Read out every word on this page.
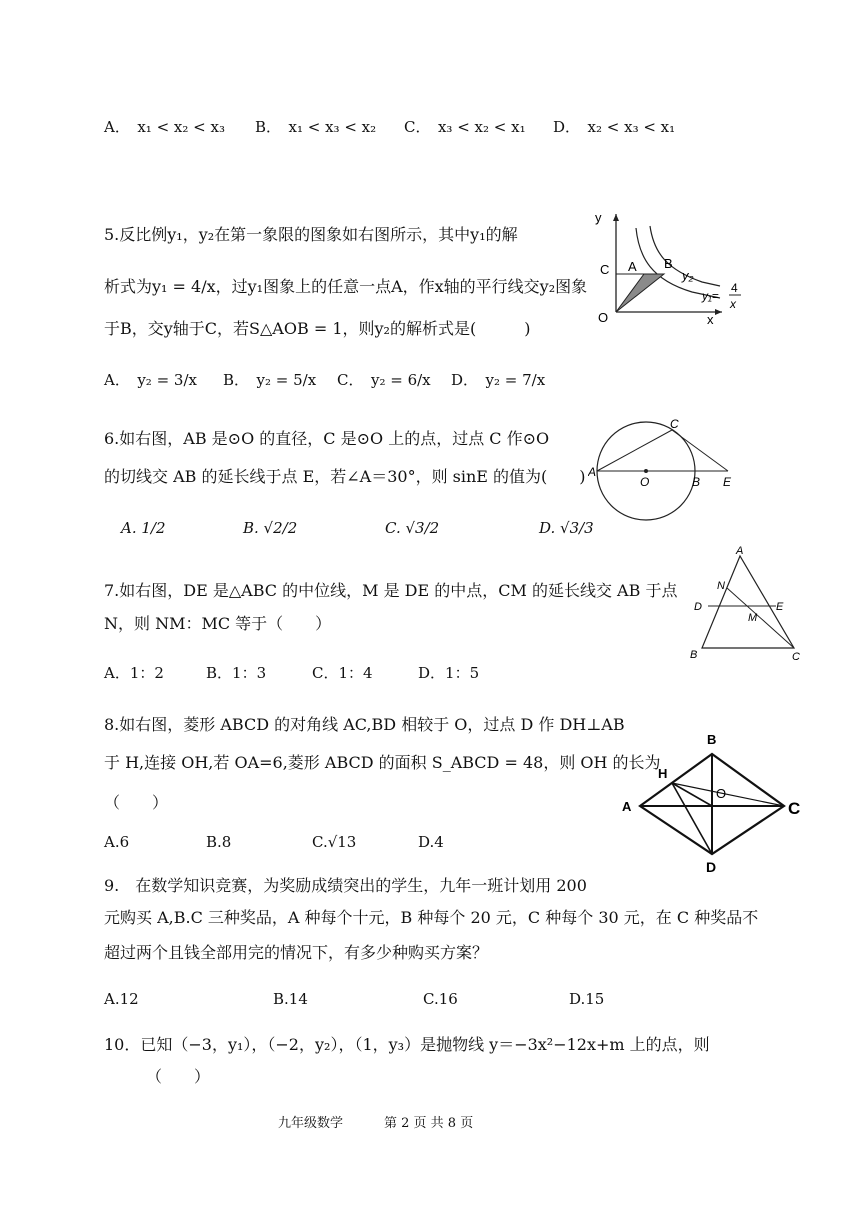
A．　x₁ < x₂ < x₃ B．　x₁ < x₃ < x₂ C．　x₃ < x₂ < x₁ D．　x₂ < x₃ < x₁
5.反比例y₁，y₂在第一象限的图象如右图所示，其中y₁的解
析式为y₁ = 4/x，过y₁图象上的任意一点A，作x轴的平行线交y₂图象
于B，交y轴于C，若S△AOB = 1，则y₂的解析式是(　　　)
A．　y₂ = 3/x B．　y₂ = 5/x C．　y₂ = 6/x D．　y₂ = 7/x
y
x
O
C A B
y₂
y₁=
4
x
6.如右图，AB 是⊙O 的直径，C 是⊙O 上的点，过点 C 作⊙O
的切线交 AB 的延长线于点 E，若∠A＝30°，则 sinE 的值为(　　)
A. 1/2	B. √2/2	C. √3/2	D. √3/3
A
O	B E
C
7.如右图，DE 是△ABC 的中位线，M 是 DE 的中点，CM 的延长线交 AB 于点
N，则 NM：MC 等于（　　）
A．1：2	B．1：3	C．1：4	D．1：5
A
N
D	E
M
B	C
8.如右图，菱形 ABCD 的对角线 AC,BD 相较于 O，过点 D 作 DH⊥AB
于 H,连接 OH,若 OA=6,菱形 ABCD 的面积 S_ABCD = 48，则 OH 的长为
（　　）
A.6	B.8	C.√13	D.4
B
H
O
A	C
D
9.　在数学知识竞赛，为奖励成绩突出的学生，九年一班计划用 200
元购买 A,B.C 三种奖品，A 种每个十元，B 种每个 20 元，C 种每个 30 元，在 C 种奖品不
超过两个且钱全部用完的情况下，有多少种购买方案？
A.12	B.14	C.16	D.15
10．已知（−3，y₁），（−2，y₂），（1，y₃）是抛物线 y＝−3x²−12x+m 上的点，则
（　　）
九年级数学	第 2 页 共 8 页
